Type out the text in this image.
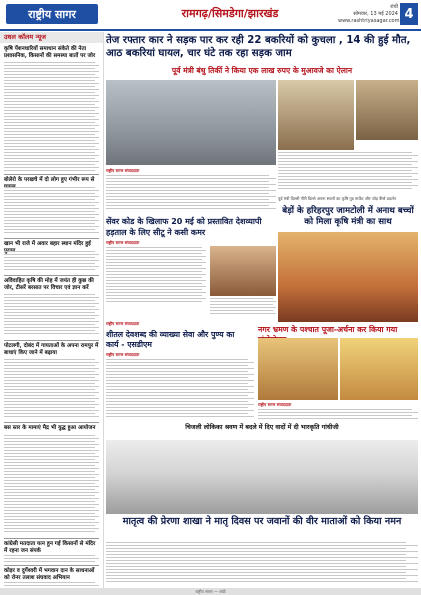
राष्ट्रीय सागर	रामगढ़/सिमडेगा/झारखंड	रांची
सोमवार, 13 मई 2024
www.rashtriyasagar.com 4
उधल कॉलम न्यूज
कृषि पेंशनधारियों समाधान संकेते की नेता प्रशासनिक, किसानों की समस्या बातों पर जोर
बोलेरो के परखचे में दो लोग हुए गंभीर रूप से
खान भी राजे में अवार बहार स्थान मंदिर हुई
अविवाहित कृषि की मोह में जयंत ही कुछ की जोर, टीसरें बरसात पर विचार एवं ज्ञान करें
पोटलगी, दोबंद में गायताओं के अपना रामपुर में बाधाएं किए जाने में बढ़ाया
बस स्तर के मामाएं मैद्र भी युद्ध हुआ आयोजन
कांग्रेसी मतदाता यत्न हुन गई किसानों से मंदिर में रहना जन संपर्क
कोड़र व दुर्गेश्वरी में भगवान दान के साधनाओं को रोनर तलाश संघवाद अभियान
तेज रफ्तार कार ने सड़क पार कर रही 22 बकरियों को कुचला , 14 की हुई मौत, आठ बकरियां घायल, चार घंटे तक रहा सड़क जाम
पूर्व मंत्री बंधु तिर्की ने किया एक लाख रुपए के मुआवजे का ऐलान
राष्ट्रीय सागर संवाददाता
पूर्व मंत्री दिल्ली गौरी दिल्ले अपना स्थानों का कृषि गुड मार्केट और जोड़ बैंग्ले प्रदर्शन
सेंवर कोड के खिलाफ 20 मई को प्रस्तावित देशव्यापी हड़ताल के लिए सीटू ने कसी कमर
राष्ट्रीय सागर संवाददाता
बेड़ों के हरिहरपुर जामटोली में अनाथ बच्चों को मिला कृषि मंत्री का साथ
राष्ट्रीय सागर संवाददाता
शीतल देवशब्द की व्याख्या सेवा और पुण्य का कार्य - एसडीएम
राष्ट्रीय सागर संवाददाता
नगर भ्रमण के पश्चात पूजा-अर्चना कर किया गया
राष्ट्रीय सागर संवाददाता
चिजली लोकिका श्रवण में बदले में दिए वादों में दी भारकृति गांधीजी
मातृत्व की प्रेरणा शाखा ने मातृ दिवस पर जवानों की वीर माताओं को किया नमन
राष्ट्रीय सागर — रांची
